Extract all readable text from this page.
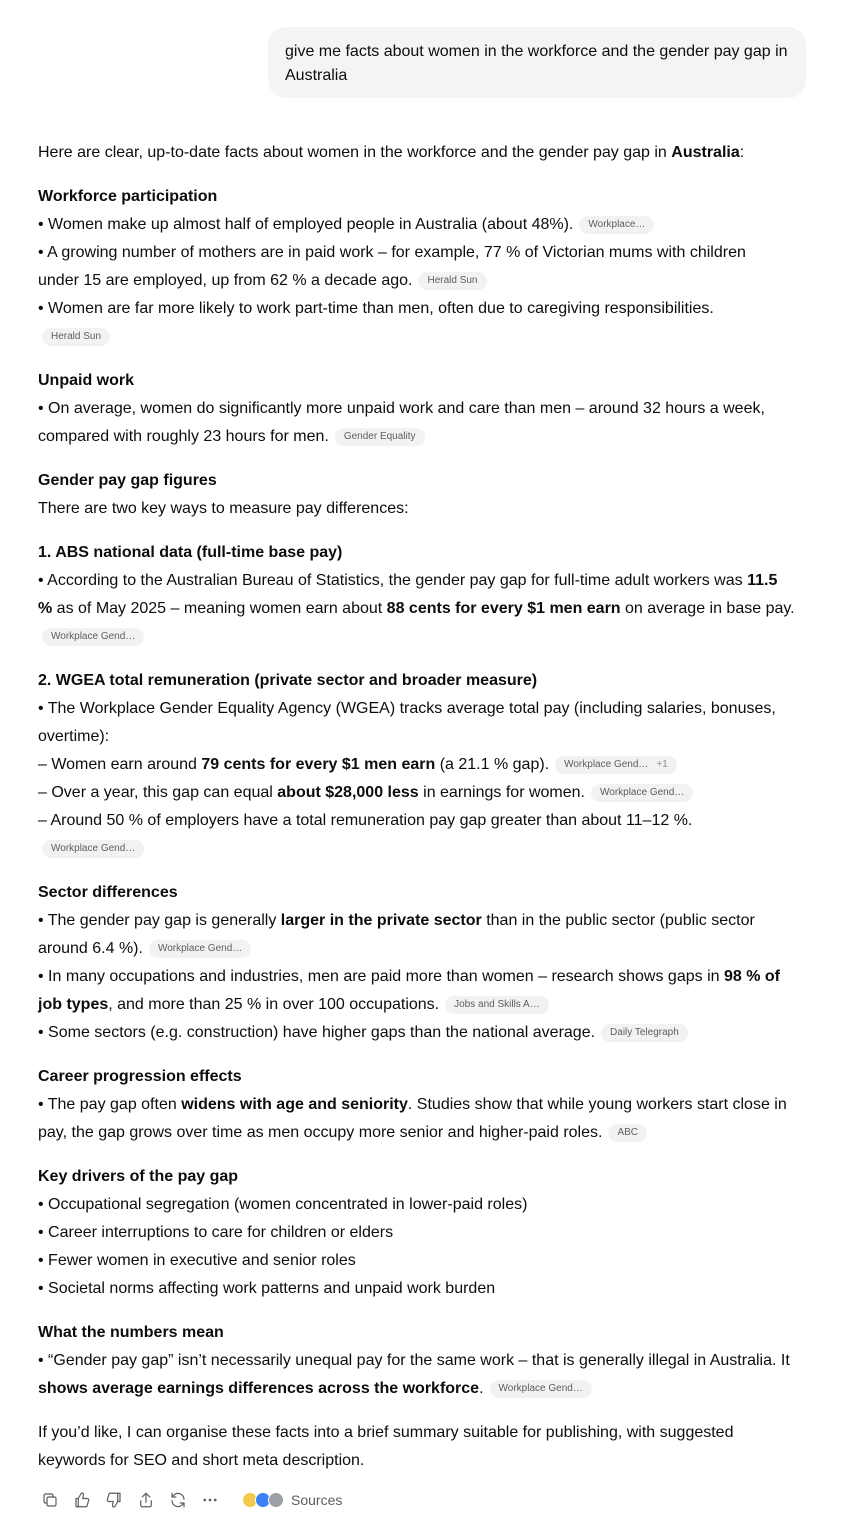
give me facts about women in the workforce and the gender pay gap in Australia

Here are clear, up-to-date facts about women in the workforce and the gender pay gap in Australia:

Workforce participation

• Women make up almost half of employed people in Australia (about 48%). Workplace…

• A growing number of mothers are in paid work – for example, 77 % of Victorian mums with children
under 15 are employed, up from 62 % a decade ago. Herald Sun

• Women are far more likely to work part-time than men, often due to caregiving responsibilities.
Herald Sun

Unpaid work

• On average, women do significantly more unpaid work and care than men – around 32 hours a week,
compared with roughly 23 hours for men. Gender Equality

Gender pay gap figures

There are two key ways to measure pay differences:

1. ABS national data (full-time base pay)

• According to the Australian Bureau of Statistics, the gender pay gap for full-time adult workers was 11.5
% as of May 2025 – meaning women earn about 88 cents for every $1 men earn on average in base pay.
Workplace Gend…

2. WGEA total remuneration (private sector and broader measure)

• The Workplace Gender Equality Agency (WGEA) tracks average total pay (including salaries, bonuses,
overtime):

– Women earn around 79 cents for every $1 men earn (a 21.1 % gap). Workplace Gend… +1

– Over a year, this gap can equal about $28,000 less in earnings for women. Workplace Gend…

– Around 50 % of employers have a total remuneration pay gap greater than about 11–12 %.
Workplace Gend…

Sector differences

• The gender pay gap is generally larger in the private sector than in the public sector (public sector
around 6.4 %). Workplace Gend…

• In many occupations and industries, men are paid more than women – research shows gaps in 98 % of
job types, and more than 25 % in over 100 occupations. Jobs and Skills A…

• Some sectors (e.g. construction) have higher gaps than the national average. Daily Telegraph

Career progression effects

• The pay gap often widens with age and seniority. Studies show that while young workers start close in
pay, the gap grows over time as men occupy more senior and higher-paid roles. ABC

Key drivers of the pay gap

• Occupational segregation (women concentrated in lower-paid roles)

• Career interruptions to care for children or elders

• Fewer women in executive and senior roles

• Societal norms affecting work patterns and unpaid work burden

What the numbers mean

• “Gender pay gap” isn’t necessarily unequal pay for the same work – that is generally illegal in Australia. It
shows average earnings differences across the workforce. Workplace Gend…

If you’d like, I can organise these facts into a brief summary suitable for publishing, with suggested
keywords for SEO and short meta description.

Sources
